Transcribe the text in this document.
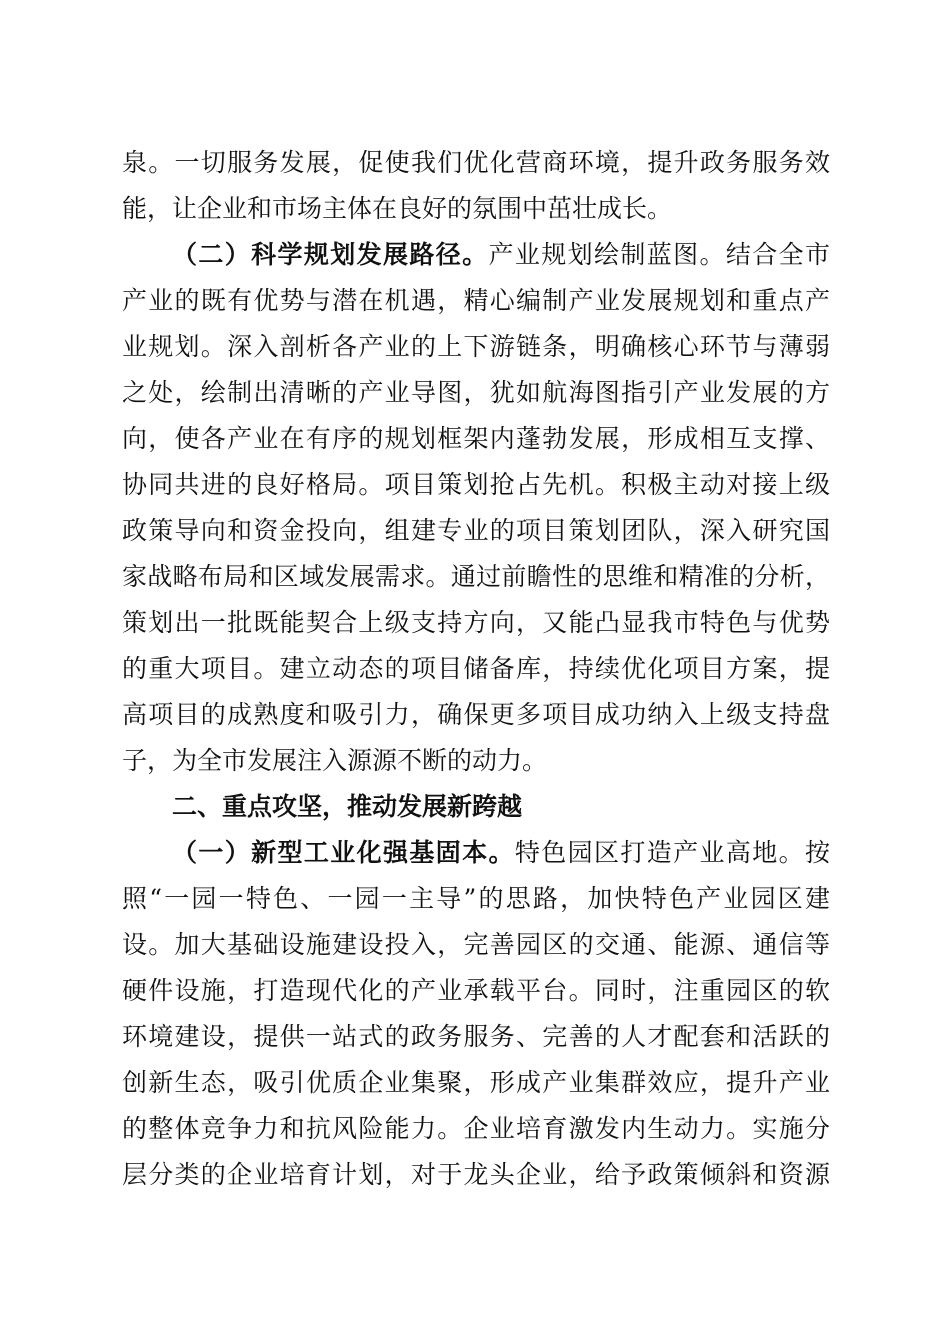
泉。一切服务发展，促使我们优化营商环境，提升政务服务效
能，让企业和市场主体在良好的氛围中茁壮成长。
（二）科学规划发展路径。产业规划绘制蓝图。结合全市
产业的既有优势与潜在机遇，精心编制产业发展规划和重点产
业规划。深入剖析各产业的上下游链条，明确核心环节与薄弱
之处，绘制出清晰的产业导图，犹如航海图指引产业发展的方
向，使各产业在有序的规划框架内蓬勃发展，形成相互支撑、
协同共进的良好格局。项目策划抢占先机。积极主动对接上级
政策导向和资金投向，组建专业的项目策划团队，深入研究国
家战略布局和区域发展需求。通过前瞻性的思维和精准的分析，
策划出一批既能契合上级支持方向，又能凸显我市特色与优势
的重大项目。建立动态的项目储备库，持续优化项目方案，提
高项目的成熟度和吸引力，确保更多项目成功纳入上级支持盘
子，为全市发展注入源源不断的动力。
二、重点攻坚，推动发展新跨越
（一）新型工业化强基固本。特色园区打造产业高地。按
照“一园一特色、一园一主导”的思路，加快特色产业园区建
设。加大基础设施建设投入，完善园区的交通、能源、通信等
硬件设施，打造现代化的产业承载平台。同时，注重园区的软
环境建设，提供一站式的政务服务、完善的人才配套和活跃的
创新生态，吸引优质企业集聚，形成产业集群效应，提升产业
的整体竞争力和抗风险能力。企业培育激发内生动力。实施分
层分类的企业培育计划，对于龙头企业，给予政策倾斜和资源
